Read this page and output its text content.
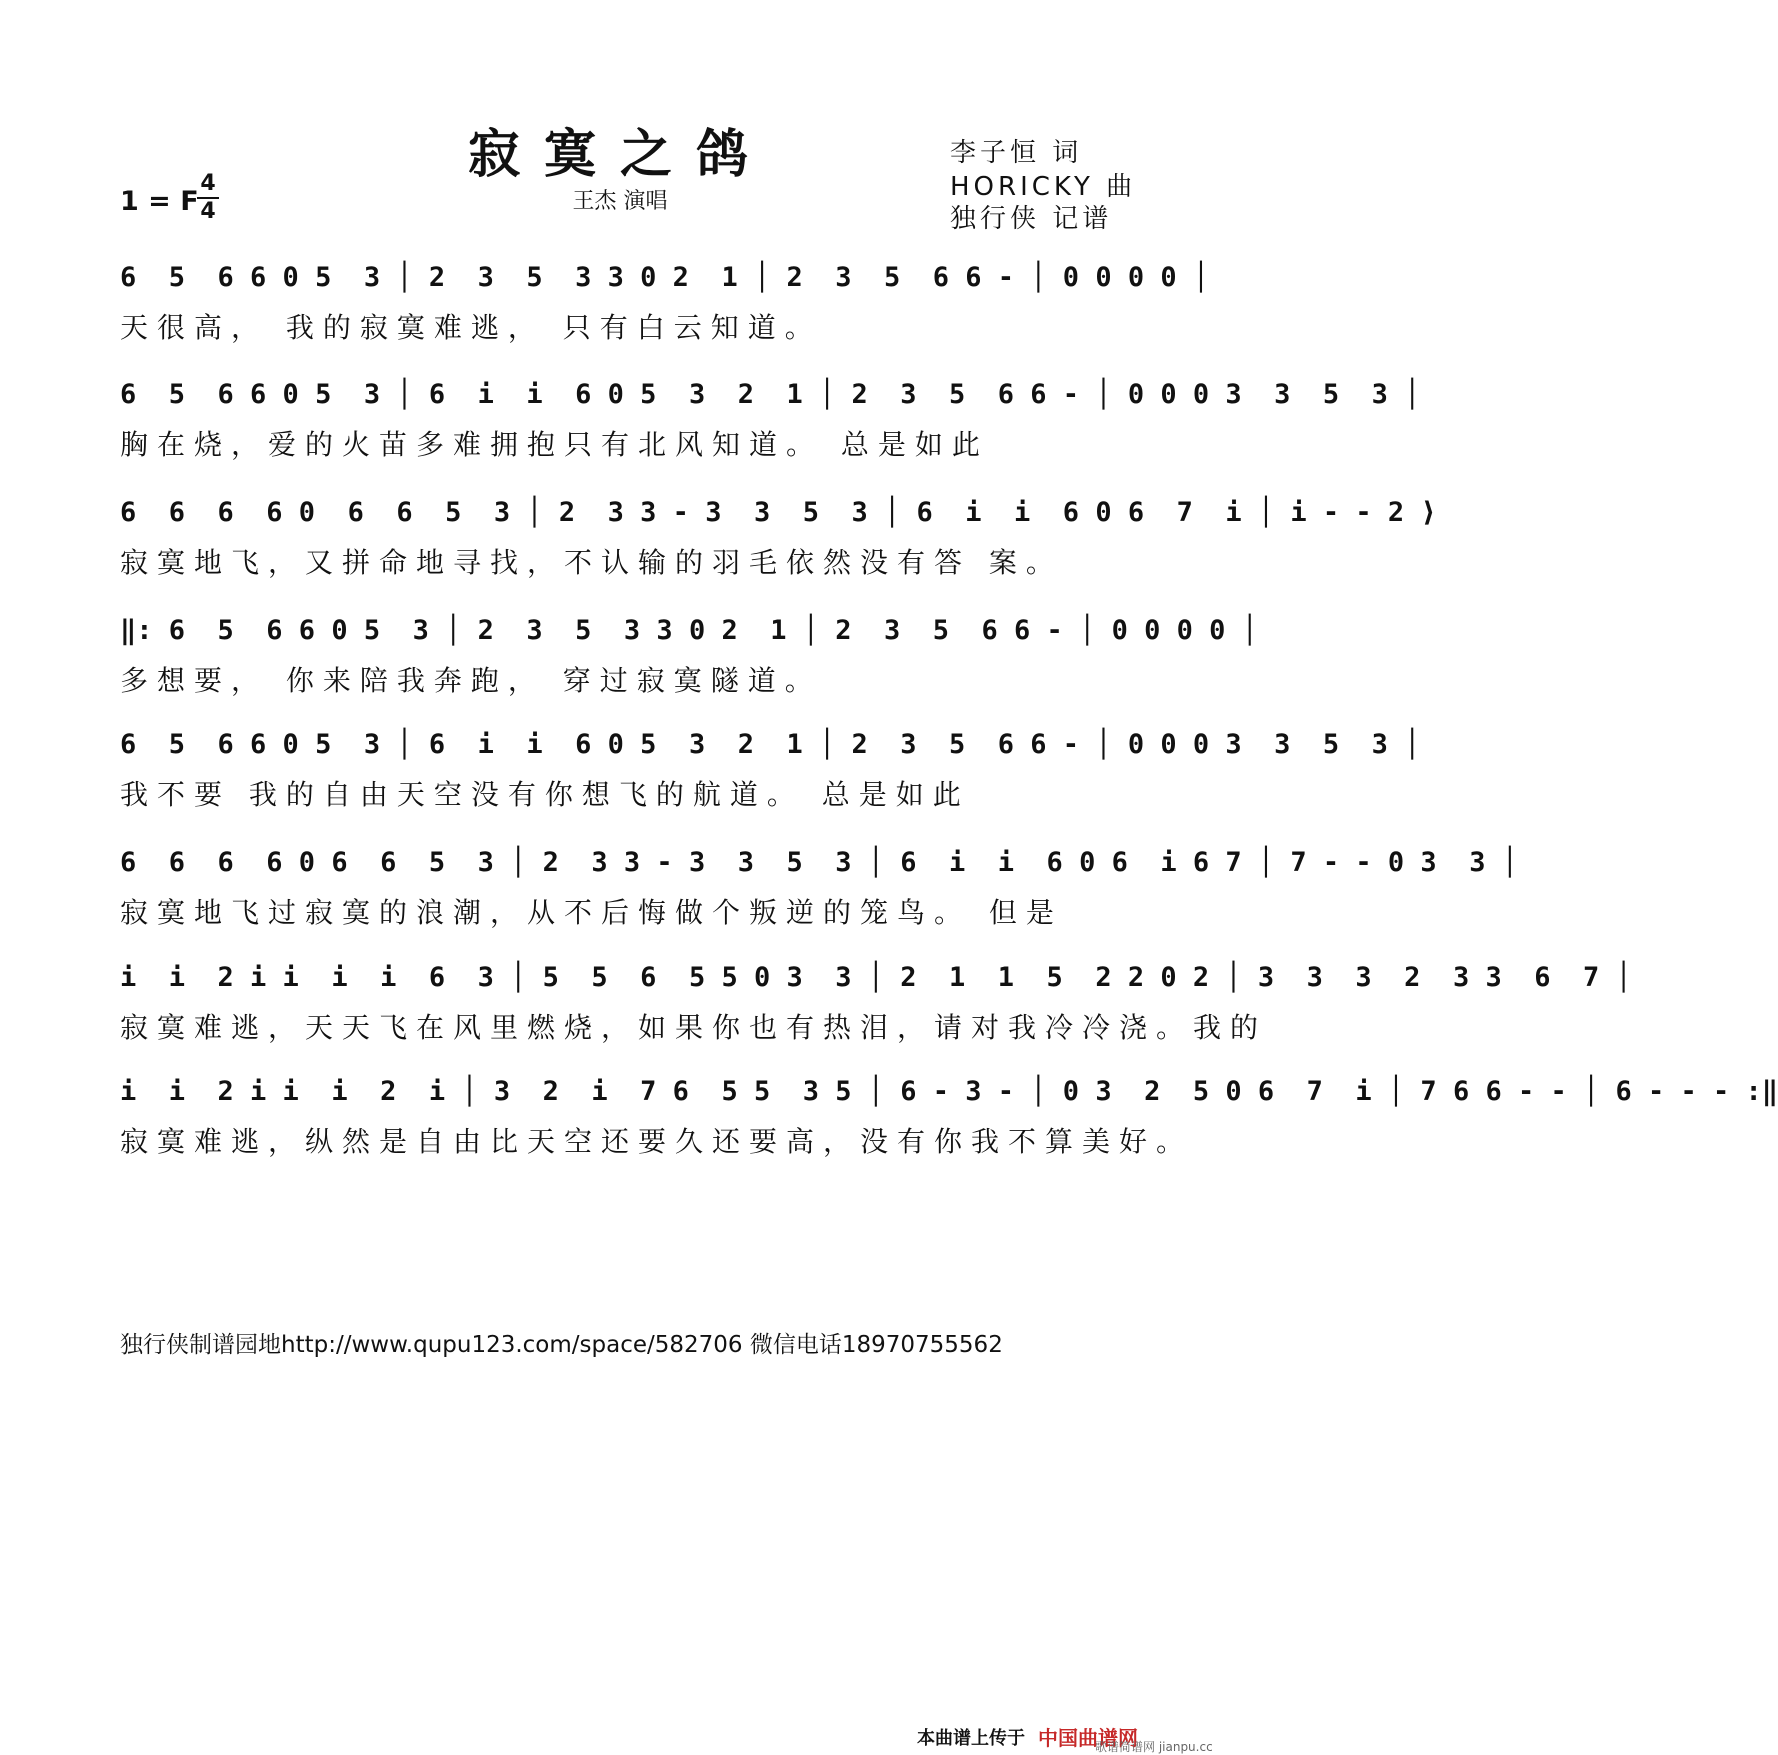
寂寞之鸽
王杰 演唱
李子恒 词
HORICKY 曲
独行侠 记谱
1 = F
4
4
6  5  6 6 0 5  3 │ 2  3  5  3 3 0 2  1 │ 2  3  5  6 6 - │ 0 0 0 0 │
天很高， 我的寂寞难逃， 只有白云知道。
6  5  6 6 0 5  3 │ 6  i  i  6 0 5  3  2  1 │ 2  3  5  6 6 - │ 0 0 0 3  3  5  3 │
胸在烧，爱的火苗多难拥抱只有北风知道。 总是如此
6  6  6  6 0  6  6  5  3 │ 2  3 3 - 3  3  5  3 │ 6  i  i  6 0 6  7  i │ i - - 2 ⟩
寂寞地飞，又拼命地寻找，不认输的羽毛依然没有答 案。
‖: 6  5  6 6 0 5  3 │ 2  3  5  3 3 0 2  1 │ 2  3  5  6 6 - │ 0 0 0 0 │
多想要， 你来陪我奔跑， 穿过寂寞隧道。
6  5  6 6 0 5  3 │ 6  i  i  6 0 5  3  2  1 │ 2  3  5  6 6 - │ 0 0 0 3  3  5  3 │
我不要 我的自由天空没有你想飞的航道。 总是如此
6  6  6  6 0 6  6  5  3 │ 2  3 3 - 3  3  5  3 │ 6  i  i  6 0 6  i 6 7 │ 7 - - 0 3  3 │
寂寞地飞过寂寞的浪潮，从不后悔做个叛逆的笼鸟。 但是
i  i  2 i i  i  i  6  3 │ 5  5  6  5 5 0 3  3 │ 2  1  1  5  2 2 0 2 │ 3  3  3  2  3 3  6  7 │
寂寞难逃，天天飞在风里燃烧，如果你也有热泪，请对我冷冷浇。我的
i  i  2 i i  i  2  i │ 3  2  i  7 6  5 5  3 5 │ 6 - 3 - │ 0 3  2  5 0 6  7  i │ 7 6 6 - - │ 6 - - - :‖
寂寞难逃，纵然是自由比天空还要久还要高，没有你我不算美好。
独行侠制谱园地http://www.qupu123.com/space/582706 微信电话18970755562
本曲谱上传于 中国曲谱网
歌谱简谱网 jianpu.cc
